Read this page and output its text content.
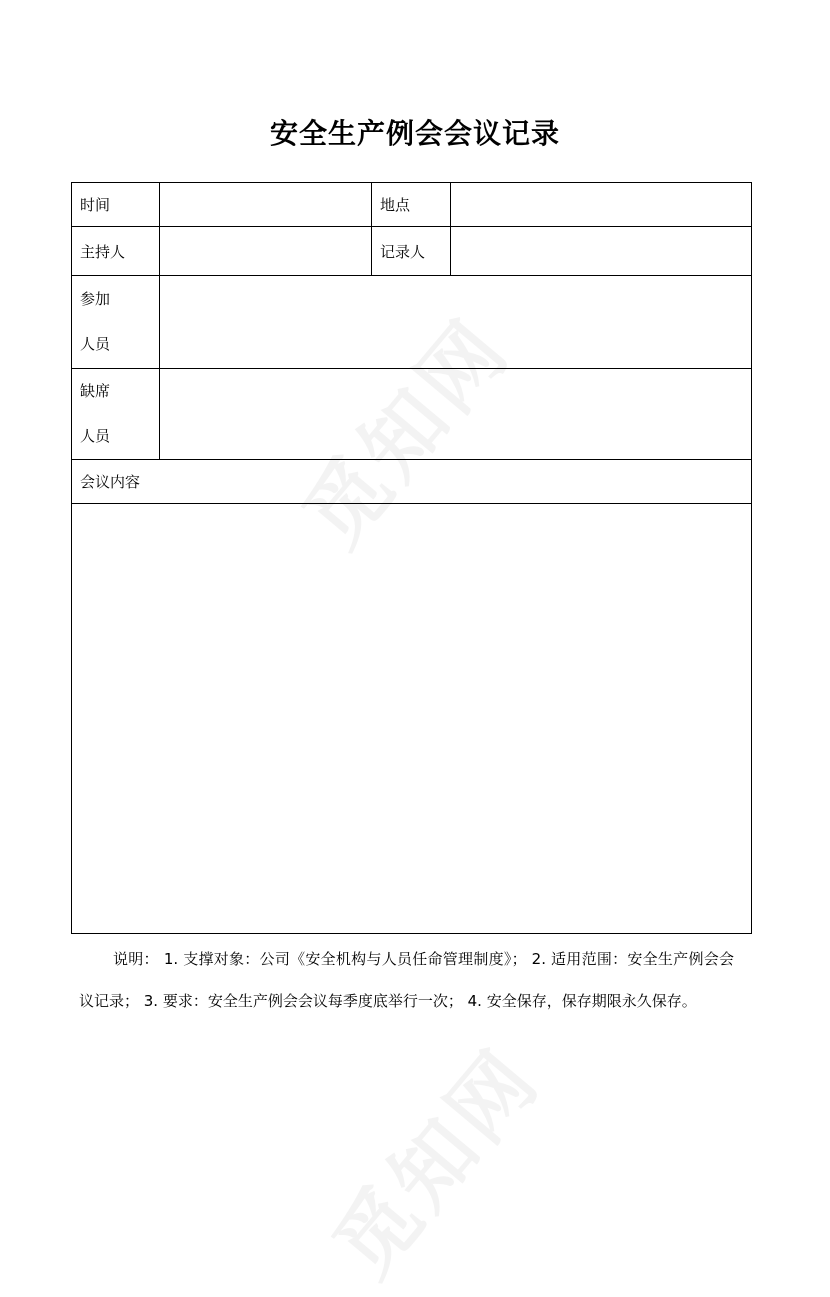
安全生产例会会议记录
时间		地点	
主持人		记录人	

参加
人员			

缺席
人员			

会议内容			

说明： 1. 支撑对象：公司《安全机构与人员任命管理制度》； 2. 适用范围：安全生产例会会议记录； 3. 要求：安全生产例会会议每季度底举行一次； 4. 安全保存，保存期限永久保存。
